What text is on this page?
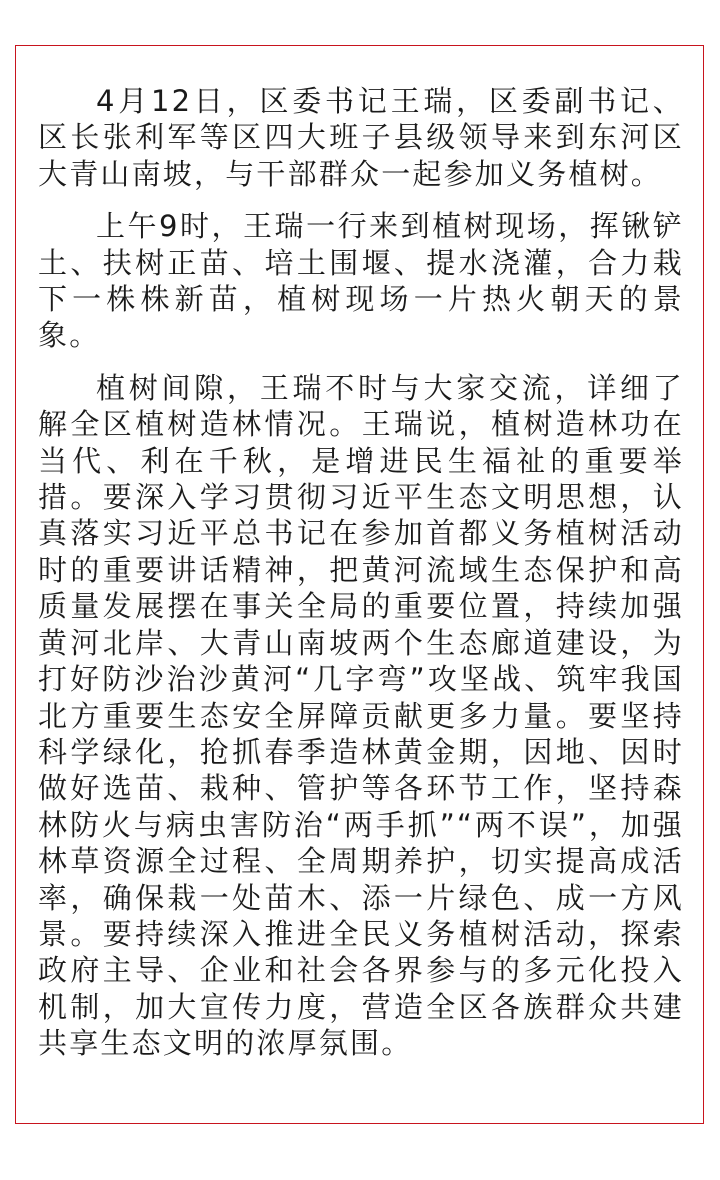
4月12日，区委书记王瑞，区委副书记、区长张利军等区四大班子县级领导来到东河区大青山南坡，与干部群众一起参加义务植树。

上午9时，王瑞一行来到植树现场，挥锹铲土、扶树正苗、培土围堰、提水浇灌，合力栽下一株株新苗，植树现场一片热火朝天的景象。

植树间隙，王瑞不时与大家交流，详细了解全区植树造林情况。王瑞说，植树造林功在当代、利在千秋，是增进民生福祉的重要举措。要深入学习贯彻习近平生态文明思想，认真落实习近平总书记在参加首都义务植树活动时的重要讲话精神，把黄河流域生态保护和高质量发展摆在事关全局的重要位置，持续加强黄河北岸、大青山南坡两个生态廊道建设，为打好防沙治沙黄河“几字弯”攻坚战、筑牢我国北方重要生态安全屏障贡献更多力量。要坚持科学绿化，抢抓春季造林黄金期，因地、因时做好选苗、栽种、管护等各环节工作，坚持森林防火与病虫害防治“两手抓”“两不误”，加强林草资源全过程、全周期养护，切实提高成活率，确保栽一处苗木、添一片绿色、成一方风景。要持续深入推进全民义务植树活动，探索政府主导、企业和社会各界参与的多元化投入机制，加大宣传力度，营造全区各族群众共建共享生态文明的浓厚氛围。
